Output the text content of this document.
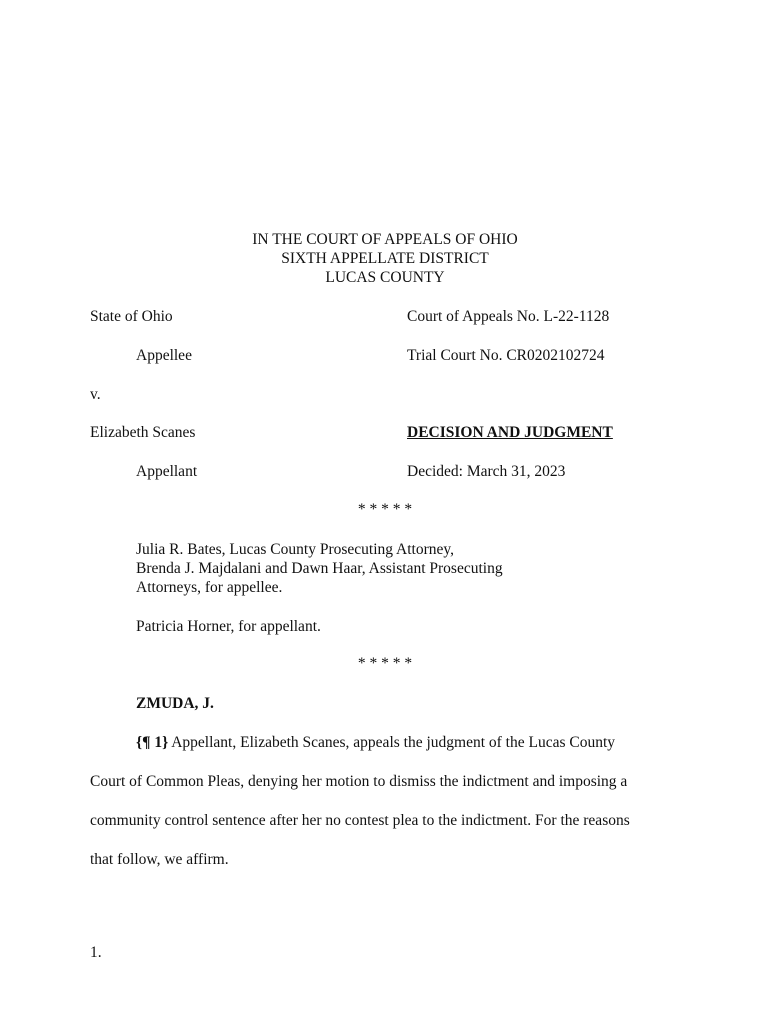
IN THE COURT OF APPEALS OF OHIO
SIXTH APPELLATE DISTRICT
LUCAS COUNTY
State of Ohio
Appellee
v.
Elizabeth Scanes
Appellant
Court of Appeals No. L-22-1128
Trial Court No. CR0202102724
DECISION AND JUDGMENT
Decided: March 31, 2023
* * * * *
Julia R. Bates, Lucas County Prosecuting Attorney,
Brenda J. Majdalani and Dawn Haar, Assistant Prosecuting
Attorneys, for appellee.
Patricia Horner, for appellant.
* * * * *
ZMUDA, J.
{¶ 1} Appellant, Elizabeth Scanes, appeals the judgment of the Lucas County
Court of Common Pleas, denying her motion to dismiss the indictment and imposing a
community control sentence after her no contest plea to the indictment. For the reasons
that follow, we affirm.
1.
